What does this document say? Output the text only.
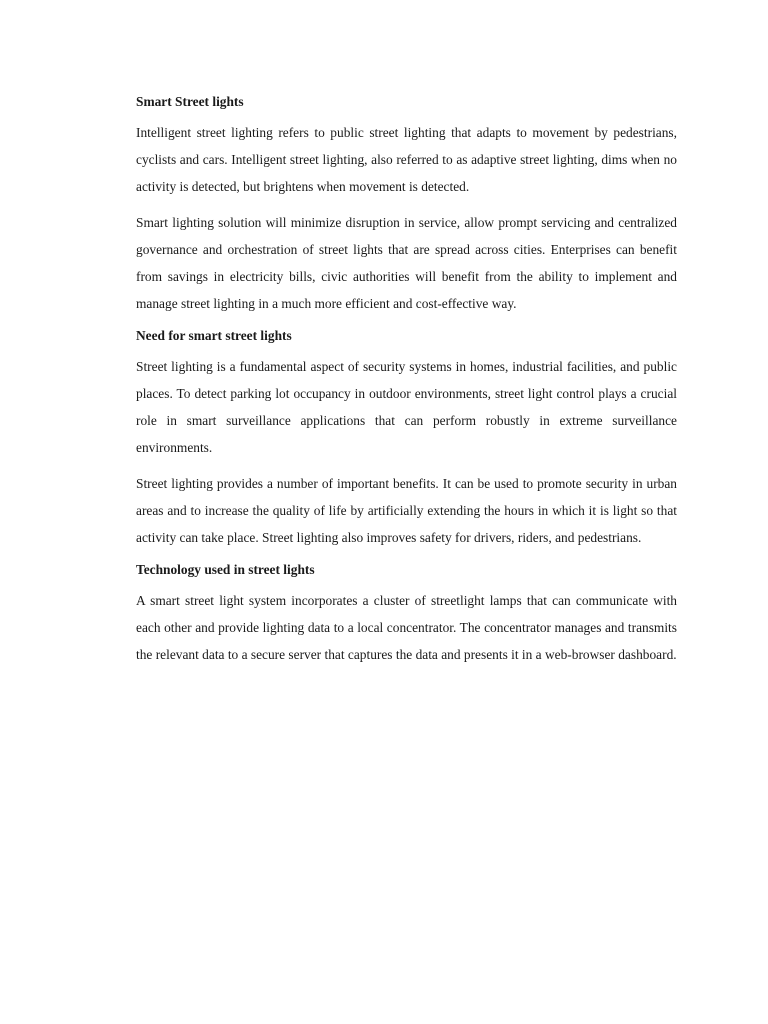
Smart Street lights

Intelligent street lighting refers to public street lighting that adapts to movement by pedestrians, cyclists and cars. Intelligent street lighting, also referred to as adaptive street lighting, dims when no activity is detected, but brightens when movement is detected.

Smart lighting solution will minimize disruption in service, allow prompt servicing and centralized governance and orchestration of street lights that are spread across cities. Enterprises can benefit from savings in electricity bills, civic authorities will benefit from the ability to implement and manage street lighting in a much more efficient and cost-effective way.

Need for smart street lights

Street lighting is a fundamental aspect of security systems in homes, industrial facilities, and public places. To detect parking lot occupancy in outdoor environments, street light control plays a crucial role in smart surveillance applications that can perform robustly in extreme surveillance environments.

Street lighting provides a number of important benefits. It can be used to promote security in urban areas and to increase the quality of life by artificially extending the hours in which it is light so that activity can take place. Street lighting also improves safety for drivers, riders, and pedestrians.

Technology used in street lights

A smart street light system incorporates a cluster of streetlight lamps that can communicate with each other and provide lighting data to a local concentrator. The concentrator manages and transmits the relevant data to a secure server that captures the data and presents it in a web-browser dashboard.
